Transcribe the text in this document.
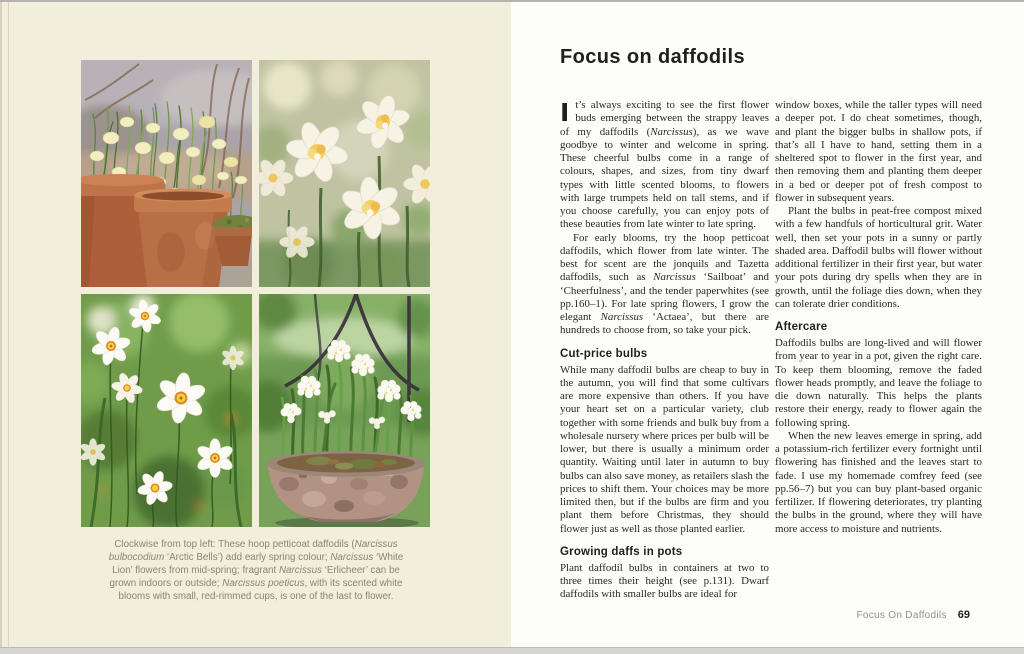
Clockwise from top left: These hoop petticoat daffodils (Narcissus bulbocodium ‘Arctic Bells’) add early spring colour; Narcissus ‘White Lion’ flowers from mid-spring; fragrant Narcissus ‘Erlicheer’ can be grown indoors or outside; Narcissus poeticus, with its scented white blooms with small, red-rimmed cups, is one of the last to flower.

Focus on daffodils

It’s always exciting to see the first flower buds emerging between the strappy leaves of my daffodils (Narcissus), as we wave goodbye to winter and welcome in spring. These cheerful bulbs come in a range of colours, shapes, and sizes, from tiny dwarf types with little scented blooms, to flowers with large trumpets held on tall stems, and if you choose carefully, you can enjoy pots of these beauties from late winter to late spring.

For early blooms, try the hoop petticoat daffodils, which flower from late winter. The best for scent are the jonquils and Tazetta daffodils, such as Narcissus ‘Sailboat’ and ‘Cheerfulness’, and the tender paperwhites (see pp.160–1). For late spring flowers, I grow the elegant Narcissus ‘Actaea’, but there are hundreds to choose from, so take your pick.

Cut-price bulbs

While many daffodil bulbs are cheap to buy in the autumn, you will find that some cultivars are more expensive than others. If you have your heart set on a particular variety, club together with some friends and bulk buy from a wholesale nursery where prices per bulb will be lower, but there is usually a minimum order quantity. Waiting until later in autumn to buy bulbs can also save money, as retailers slash the prices to shift them. Your choices may be more limited then, but if the bulbs are firm and you plant them before Christmas, they should flower just as well as those planted earlier.

Growing daffs in pots

Plant daffodil bulbs in containers at two to three times their height (see p.131). Dwarf daffodils with smaller bulbs are ideal for

window boxes, while the taller types will need a deeper pot. I do cheat sometimes, though, and plant the bigger bulbs in shallow pots, if that’s all I have to hand, setting them in a sheltered spot to flower in the first year, and then removing them and planting them deeper in a bed or deeper pot of fresh compost to flower in subsequent years.

Plant the bulbs in peat-free compost mixed with a few handfuls of horticultural grit. Water well, then set your pots in a sunny or partly shaded area. Daffodil bulbs will flower without additional fertilizer in their first year, but water your pots during dry spells when they are in growth, until the foliage dies down, when they can tolerate drier conditions.

Aftercare

Daffodils bulbs are long-lived and will flower from year to year in a pot, given the right care. To keep them blooming, remove the faded flower heads promptly, and leave the foliage to die down naturally. This helps the plants restore their energy, ready to flower again the following spring.

When the new leaves emerge in spring, add a potassium-rich fertilizer every fortnight until flowering has finished and the leaves start to fade. I use my homemade comfrey feed (see pp.56–7) but you can buy plant-based organic fertilizer. If flowering deteriorates, try planting the bulbs in the ground, where they will have more access to moisture and nutrients.

Focus On Daffodils 69
